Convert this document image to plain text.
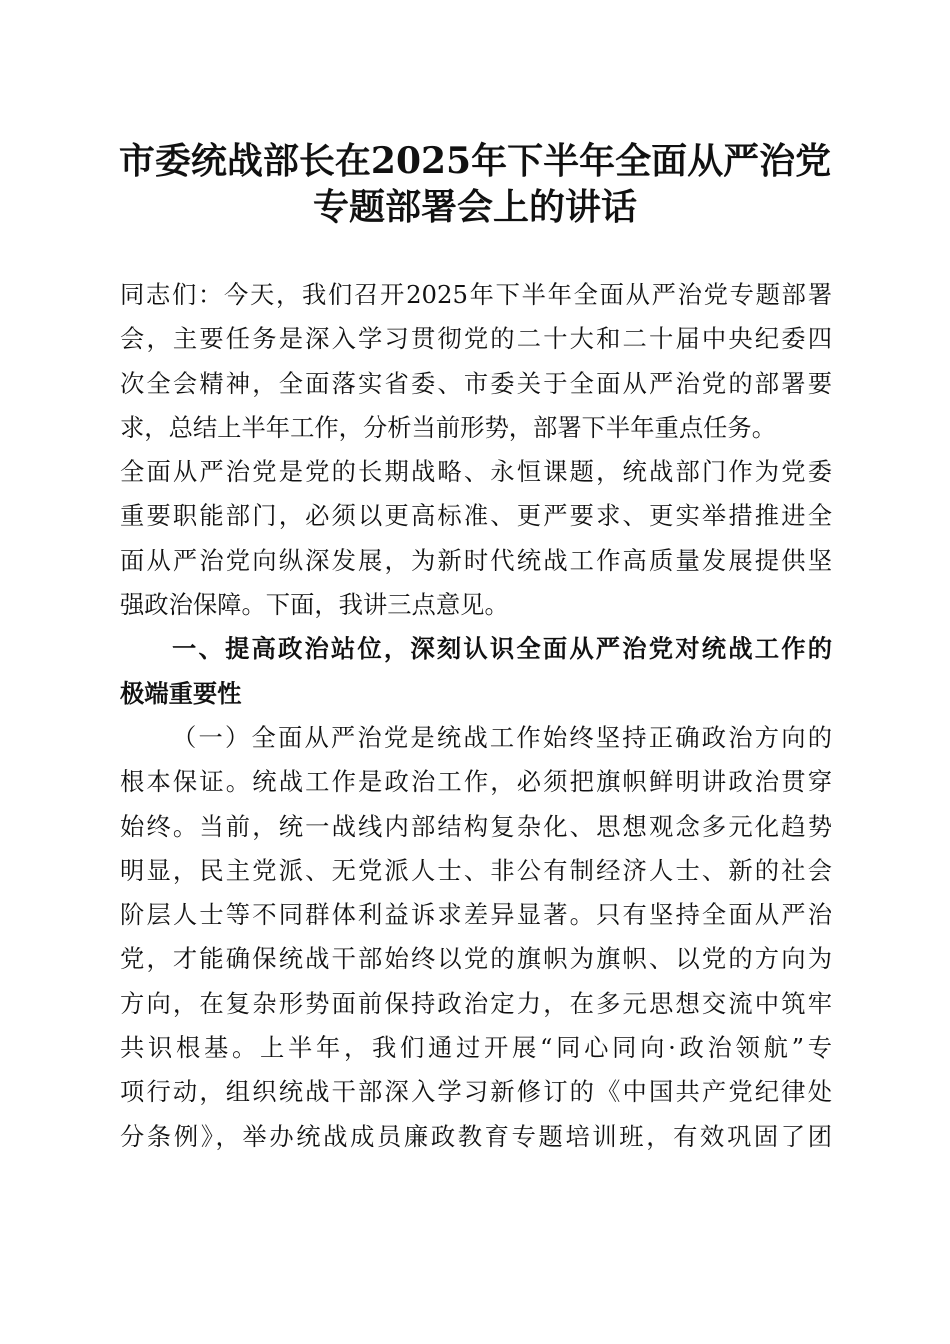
市委统战部长在2025年下半年全面从严治党
专题部署会上的讲话
同志们：今天，我们召开2025年下半年全面从严治党专题部署
会，主要任务是深入学习贯彻党的二十大和二十届中央纪委四
次全会精神，全面落实省委、市委关于全面从严治党的部署要
求，总结上半年工作，分析当前形势，部署下半年重点任务。
全面从严治党是党的长期战略、永恒课题，统战部门作为党委
重要职能部门，必须以更高标准、更严要求、更实举措推进全
面从严治党向纵深发展，为新时代统战工作高质量发展提供坚
强政治保障。下面，我讲三点意见。
一、提高政治站位，深刻认识全面从严治党对统战工作的
极端重要性
（一）全面从严治党是统战工作始终坚持正确政治方向的
根本保证。统战工作是政治工作，必须把旗帜鲜明讲政治贯穿
始终。当前，统一战线内部结构复杂化、思想观念多元化趋势
明显，民主党派、无党派人士、非公有制经济人士、新的社会
阶层人士等不同群体利益诉求差异显著。只有坚持全面从严治
党，才能确保统战干部始终以党的旗帜为旗帜、以党的方向为
方向，在复杂形势面前保持政治定力，在多元思想交流中筑牢
共识根基。上半年，我们通过开展“同心同向·政治领航”专
项行动，组织统战干部深入学习新修订的《中国共产党纪律处
分条例》，举办统战成员廉政教育专题培训班，有效巩固了团
